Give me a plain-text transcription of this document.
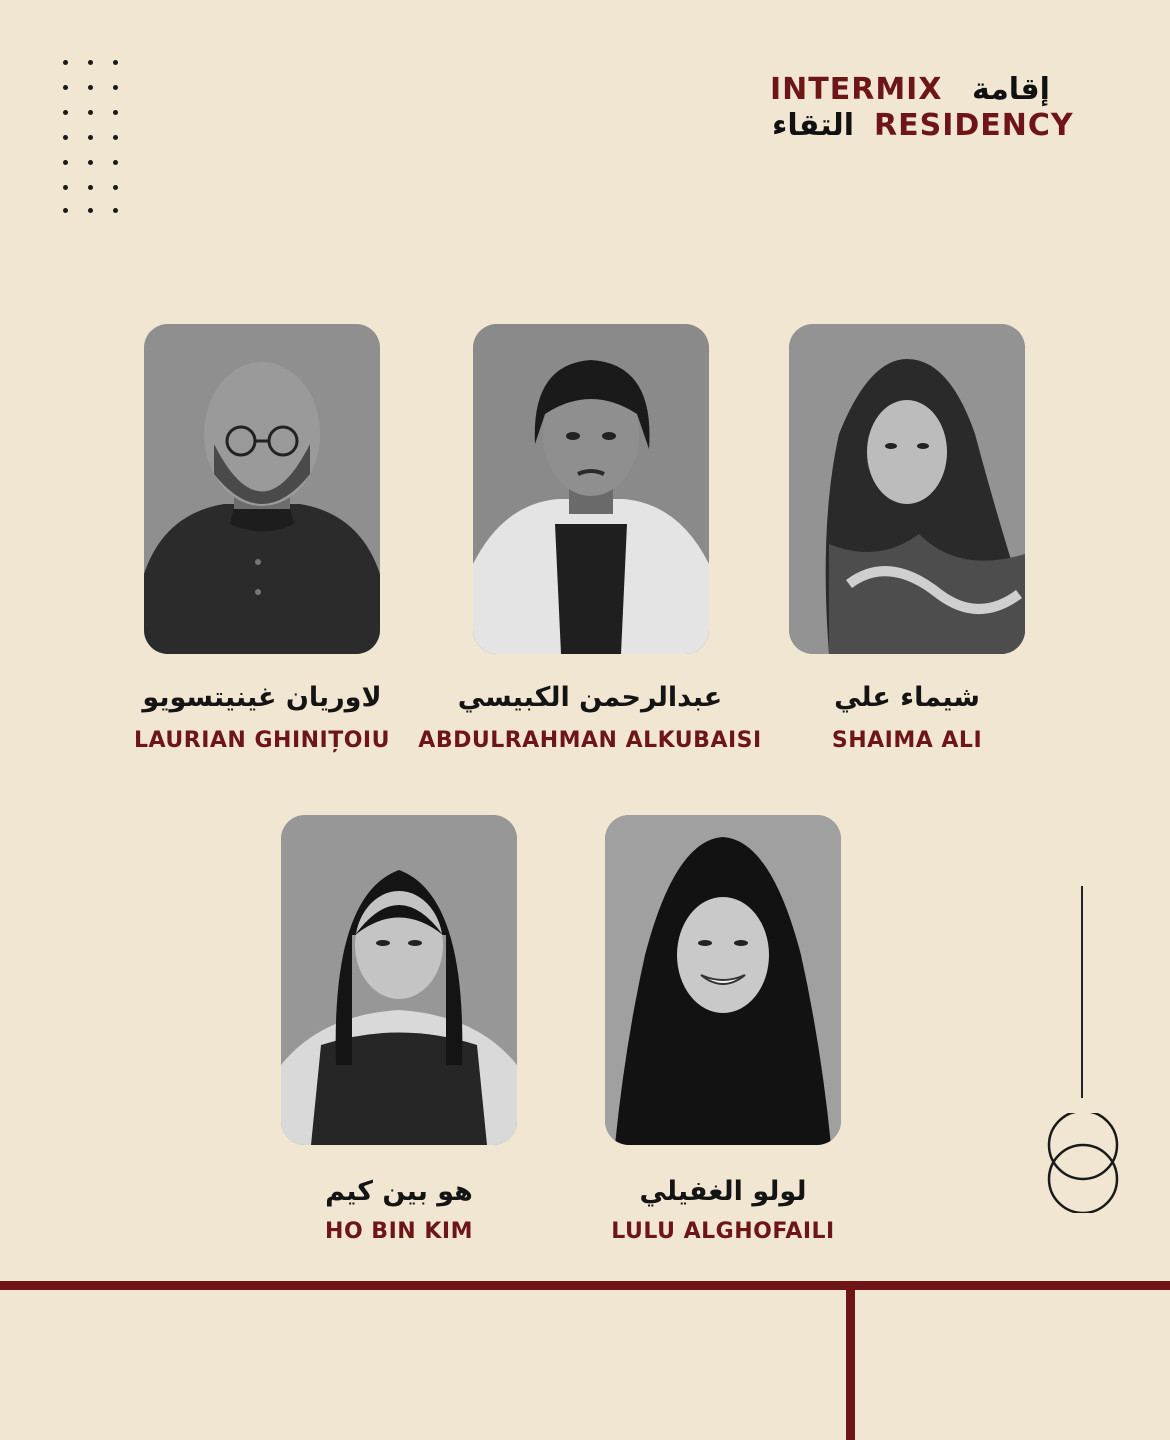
INTERMIX إقامة
التقاء RESIDENCY
لاوريان غينيتسويو
LAURIAN GHINIȚOIU
عبدالرحمن الكبيسي
ABDULRAHMAN ALKUBAISI
شيماء علي
SHAIMA ALI
هو بين كيم
HO BIN KIM
لولو الغفيلي
LULU ALGHOFAILI
